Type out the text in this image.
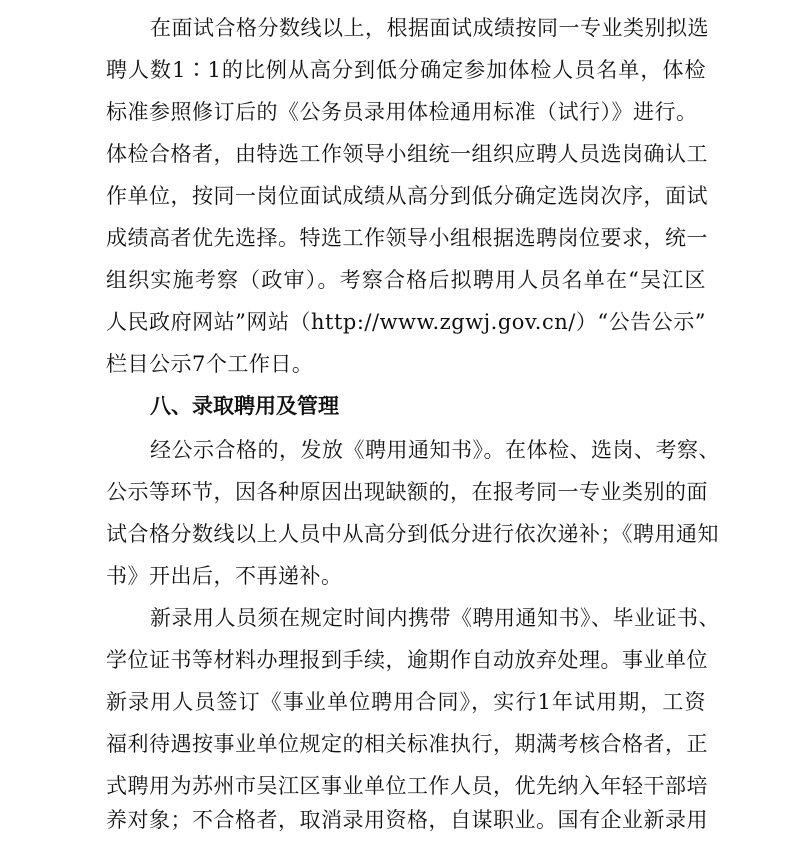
在面试合格分数线以上，根据面试成绩按同一专业类别拟选
聘人数1∶1的比例从高分到低分确定参加体检人员名单，体检
标准参照修订后的《公务员录用体检通用标准（试行）》进行。
体检合格者，由特选工作领导小组统一组织应聘人员选岗确认工
作单位，按同一岗位面试成绩从高分到低分确定选岗次序，面试
成绩高者优先选择。特选工作领导小组根据选聘岗位要求，统一
组织实施考察（政审）。考察合格后拟聘用人员名单在“吴江区
人民政府网站”网站（http://www.zgwj.gov.cn/）“公告公示”
栏目公示7个工作日。
八、录取聘用及管理
经公示合格的，发放《聘用通知书》。在体检、选岗、考察、
公示等环节，因各种原因出现缺额的，在报考同一专业类别的面
试合格分数线以上人员中从高分到低分进行依次递补；《聘用通知
书》开出后，不再递补。
新录用人员须在规定时间内携带《聘用通知书》、毕业证书、
学位证书等材料办理报到手续，逾期作自动放弃处理。事业单位
新录用人员签订《事业单位聘用合同》，实行1年试用期，工资
福利待遇按事业单位规定的相关标准执行，期满考核合格者，正
式聘用为苏州市吴江区事业单位工作人员，优先纳入年轻干部培
养对象；不合格者，取消录用资格，自谋职业。国有企业新录用
